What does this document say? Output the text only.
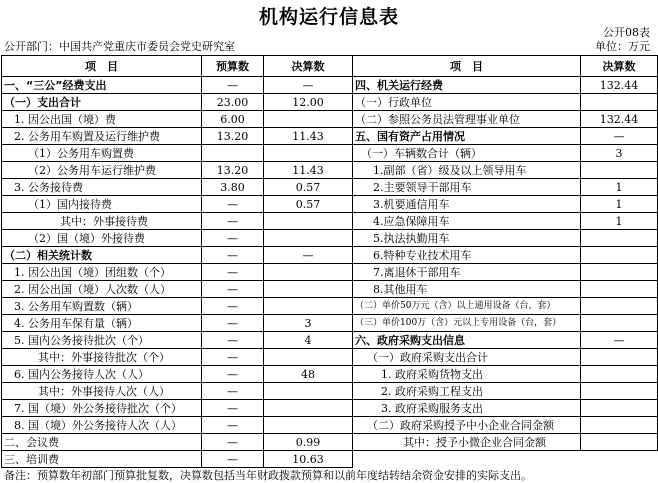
机构运行信息表
公开08表
公开部门：中国共产党重庆市委员会党史研究室	单位：万元
项　目	预算数	决算数	项　目	决算数
一、“三公”经费支出	—	—	四、机关运行经费	132.44
（一）支出合计	23.00	12.00	（一）行政单位	
1. 因公出国（境）费	6.00		（二）参照公务员法管理事业单位	132.44
2. 公务用车购置及运行维护费	13.20	11.43	五、国有资产占用情况	—
（1）公务用车购置费			（一）车辆数合计（辆）	3
（2）公务用车运行维护费	13.20	11.43	1.副部（省）级及以上领导用车	
3. 公务接待费	3.80	0.57	2.主要领导干部用车	1
（1）国内接待费	—	0.57	3.机要通信用车	1
其中：外事接待费	—		4.应急保障用车	1
（2）国（境）外接待费	—		5.执法执勤用车	
（二）相关统计数	—	—	6.特种专业技术用车	
1. 因公出国（境）团组数（个）	—		7.离退休干部用车	
2. 因公出国（境）人次数（人）	—		8.其他用车	
3. 公务用车购置数（辆）	—		（二）单价50万元（含）以上通用设备（台，套）	
4. 公务用车保有量（辆）	—	3	（三）单价100万（含）元以上专用设备（台，套）	
5. 国内公务接待批次（个）	—	4	六、政府采购支出信息	—
其中：外事接待批次（个）	—		（一）政府采购支出合计	
6. 国内公务接待人次（人）	—	48	1. 政府采购货物支出	
其中：外事接待人次（人）	—		2. 政府采购工程支出	
7. 国（境）外公务接待批次（个）	—		3. 政府采购服务支出	
8. 国（境）外公务接待人次（人）	—		（二）政府采购授予中小企业合同金额	
二、会议费	—	0.99	其中：授予小微企业合同金额	
三、培训费	—	10.63		
备注：预算数年初部门预算批复数，决算数包括当年财政拨款预算和以前年度结转结余资金安排的实际支出。
